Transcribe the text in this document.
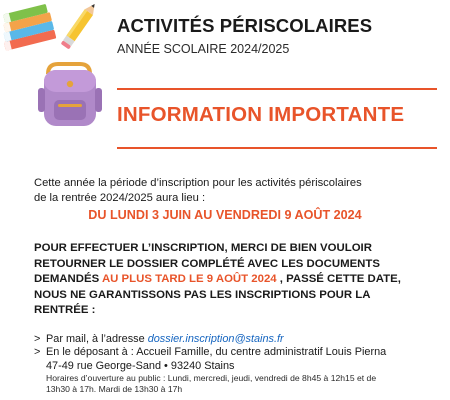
ACTIVITÉS PÉRISCOLAIRES
ANNÉE SCOLAIRE 2024/2025
INFORMATION IMPORTANTE
Cette année la période d’inscription pour les activités périscolaires
de la rentrée 2024/2025 aura lieu :
DU LUNDI 3 JUIN AU VENDREDI 9 AOÛT 2024
POUR EFFECTUER L’INSCRIPTION, MERCI DE BIEN VOULOIR
RETOURNER LE DOSSIER COMPLÉTÉ AVEC LES DOCUMENTS
DEMANDÉS AU PLUS TARD LE 9 AOÛT 2024 , PASSÉ CETTE DATE,
NOUS NE GARANTISSONS PAS LES INSCRIPTIONS POUR LA
RENTRÉE :
> Par mail, à l’adresse dossier.inscription@stains.fr
> En le déposant à : Accueil Famille, du centre administratif Louis Pierna
47-49 rue George-Sand • 93240 Stains
Horaires d’ouverture au public : Lundi, mercredi, jeudi, vendredi de 8h45 à 12h15 et de
13h30 à 17h. Mardi de 13h30 à 17h
